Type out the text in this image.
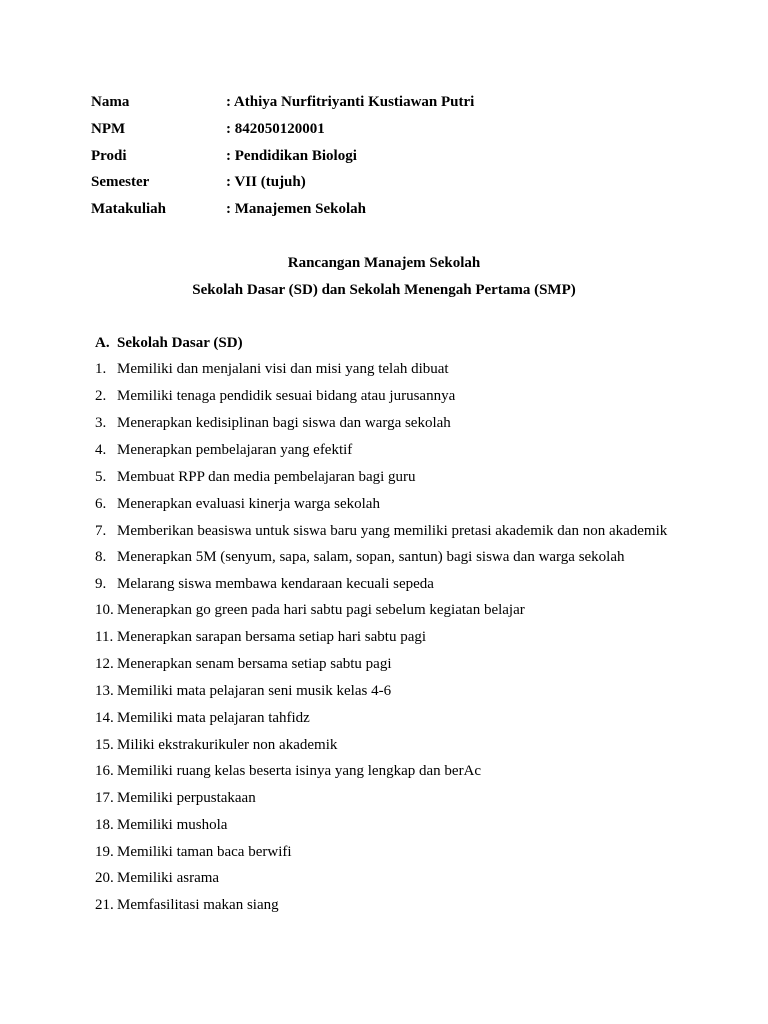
Nama	: Athiya Nurfitriyanti Kustiawan Putri
NPM	: 842050120001
Prodi	: Pendidikan Biologi
Semester	: VII (tujuh)
Matakuliah	: Manajemen Sekolah
Rancangan Manajem Sekolah
Sekolah Dasar (SD) dan Sekolah Menengah Pertama (SMP)
A. Sekolah Dasar (SD)
1. Memiliki dan menjalani visi dan misi yang telah dibuat
2. Memiliki tenaga pendidik sesuai bidang atau jurusannya
3. Menerapkan kedisiplinan bagi siswa dan warga sekolah
4. Menerapkan pembelajaran yang efektif
5. Membuat RPP dan media pembelajaran bagi guru
6. Menerapkan evaluasi kinerja warga sekolah
7. Memberikan beasiswa untuk siswa baru yang memiliki pretasi akademik dan non akademik
8. Menerapkan 5M (senyum, sapa, salam, sopan, santun) bagi siswa dan warga sekolah
9. Melarang siswa membawa kendaraan kecuali sepeda
10. Menerapkan go green pada hari sabtu pagi sebelum kegiatan belajar
11. Menerapkan sarapan bersama setiap hari sabtu pagi
12. Menerapkan senam bersama setiap sabtu pagi
13. Memiliki mata pelajaran seni musik kelas 4-6
14. Memiliki mata pelajaran tahfidz
15. Miliki ekstrakurikuler non akademik
16. Memiliki ruang kelas beserta isinya yang lengkap dan berAc
17. Memiliki perpustakaan
18. Memiliki mushola
19. Memiliki taman baca berwifi
20. Memiliki asrama
21. Memfasilitasi makan siang
